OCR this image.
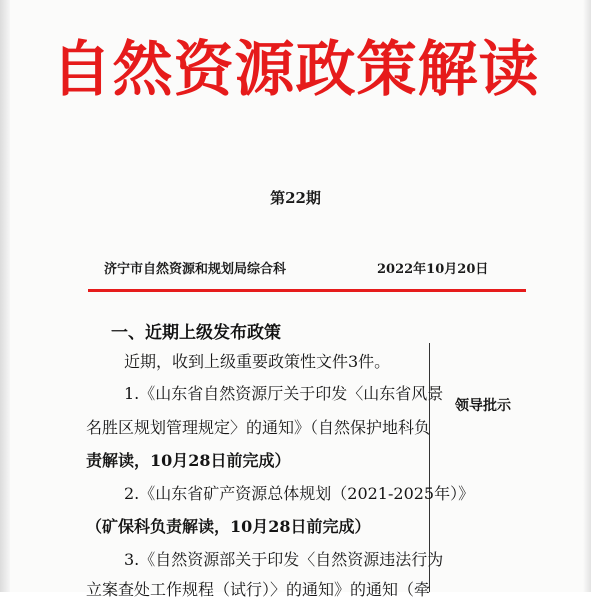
自然资源政策解读
第22期
济宁市自然资源和规划局综合科	2022年10月20日
一、近期上级发布政策
领导批示
近期，收到上级重要政策性文件3件。
1.《山东省自然资源厅关于印发〈山东省风景
名胜区规划管理规定〉的通知》（自然保护地科负
责解读，10月28日前完成）
2.《山东省矿产资源总体规划（2021-2025年）》
（矿保科负责解读，10月28日前完成）
3.《自然资源部关于印发〈自然资源违法行为
立案查处工作规程（试行）〉的通知》的通知（牵
